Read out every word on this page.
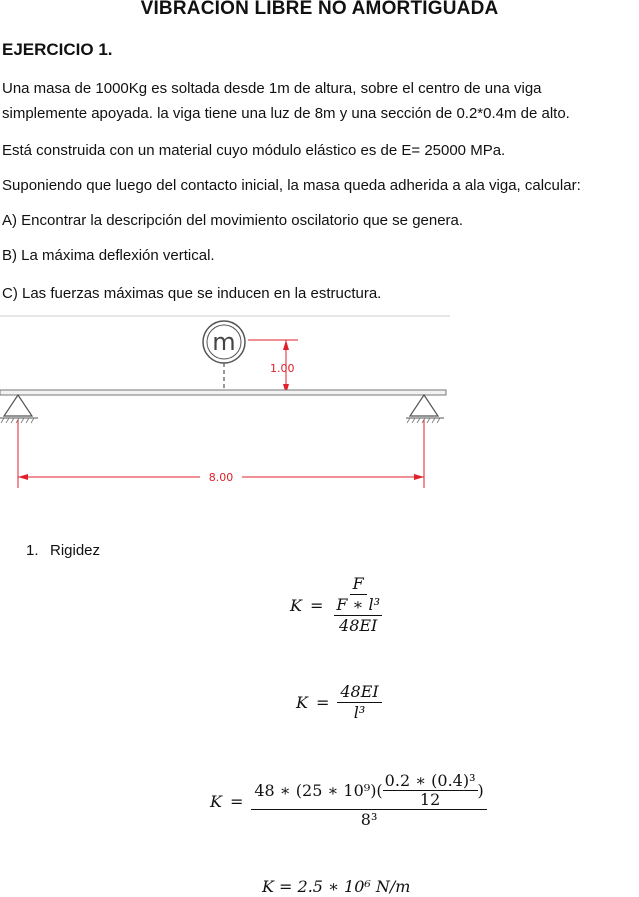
VIBRACION LIBRE NO AMORTIGUADA
EJERCICIO 1.
Una masa de 1000Kg es soltada desde 1m de altura, sobre el centro de una viga
simplemente apoyada. la viga tiene una luz de 8m y una sección de 0.2*0.4m de alto.
Está construida con un material cuyo módulo elástico es de E= 25000 MPa.
Suponiendo que luego del contacto inicial, la masa queda adherida a ala viga, calcular:
A) Encontrar la descripción del movimiento oscilatorio que se genera.
B) La máxima deflexión vertical.
C) Las fuerzas máximas que se inducen en la estructura.
m
1.00
8.00
1. Rigidez
$K = \frac{F}{\frac{\text{F ∗ l³}}{48EI}}$
$K = \frac{48EI}{\text{l³}}$
K =
48 ∗ (25 ∗ $10^9)( \frac{\text{0.2 ∗ (0.4)³}}{12}$ )
8³
K = 2.5 ∗ 10⁶ N/m
